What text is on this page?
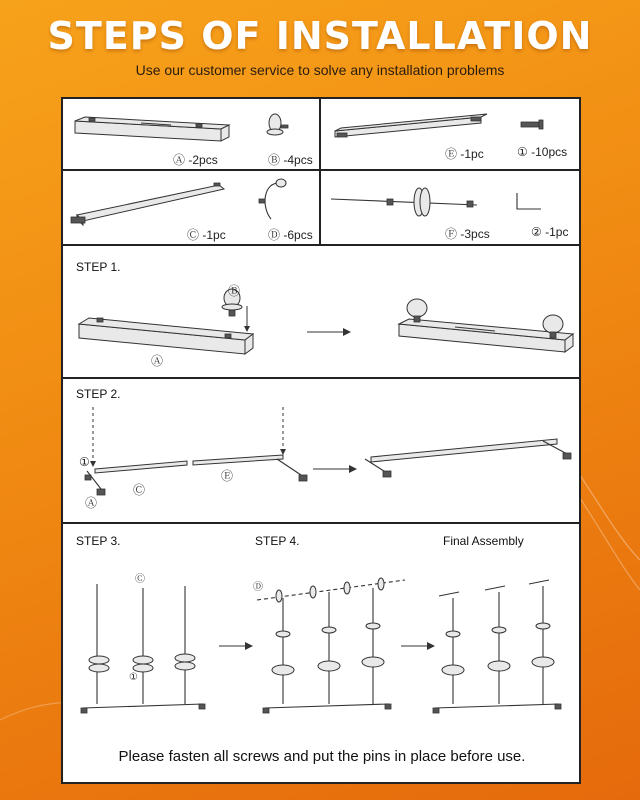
STEPS OF INSTALLATION
Use our customer service to solve any installation problems
Ⓐ -2pcs	Ⓑ -4pcs	Ⓔ -1pc	① -10pcs
Ⓒ -1pc	Ⓓ -6pcs	Ⓕ -3pcs	② -1pc
STEP 1.
Ⓑ
Ⓐ
STEP 2.
①
Ⓐ
Ⓒ
Ⓔ
STEP 3.	STEP 4.	Final Assembly
Ⓒ
①
Ⓓ
Please fasten all screws and put the pins in place before use.
